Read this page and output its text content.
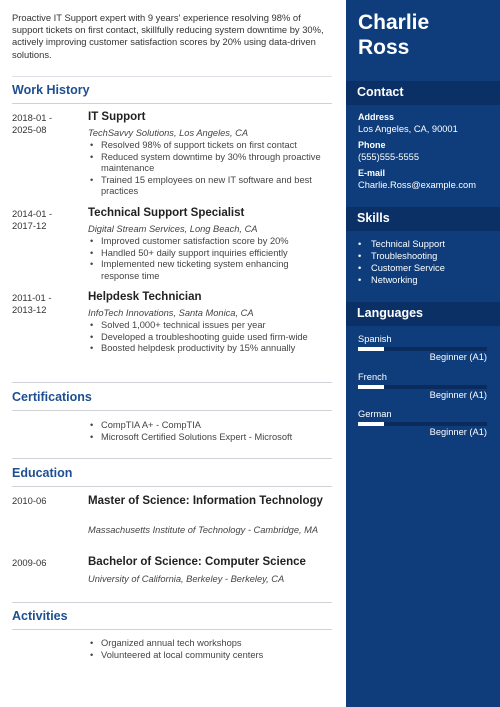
Proactive IT Support expert with 9 years' experience resolving 98% of support tickets on first contact, skillfully reducing system downtime by 30%, actively improving customer satisfaction scores by 20% using data-driven solutions.

Work History
2018-01 -
2025-08
IT Support
TechSavvy Solutions, Los Angeles, CA
• Resolved 98% of support tickets on first contact
• Reduced system downtime by 30% through proactive maintenance
• Trained 15 employees on new IT software and best practices
2014-01 -
2017-12
Technical Support Specialist
Digital Stream Services, Long Beach, CA
• Improved customer satisfaction score by 20%
• Handled 50+ daily support inquiries efficiently
• Implemented new ticketing system enhancing response time
2011-01 -
2013-12
Helpdesk Technician
InfoTech Innovations, Santa Monica, CA
• Solved 1,000+ technical issues per year
• Developed a troubleshooting guide used firm-wide
• Boosted helpdesk productivity by 15% annually
Certifications
• CompTIA A+ - CompTIA
• Microsoft Certified Solutions Expert - Microsoft
Education
2010-06	Master of Science: Information Technology
Massachusetts Institute of Technology - Cambridge, MA
2009-06	Bachelor of Science: Computer Science
University of California, Berkeley - Berkeley, CA
Activities
• Organized annual tech workshops
• Volunteered at local community centers
Charlie
Ross
Contact
Address
Los Angeles, CA, 90001
Phone
(555)555-5555
E-mail
Charlie.Ross@example.com
Skills
• Technical Support
• Troubleshooting
• Customer Service
• Networking
Languages
Spanish
Beginner (A1)
French
Beginner (A1)
German
Beginner (A1)
